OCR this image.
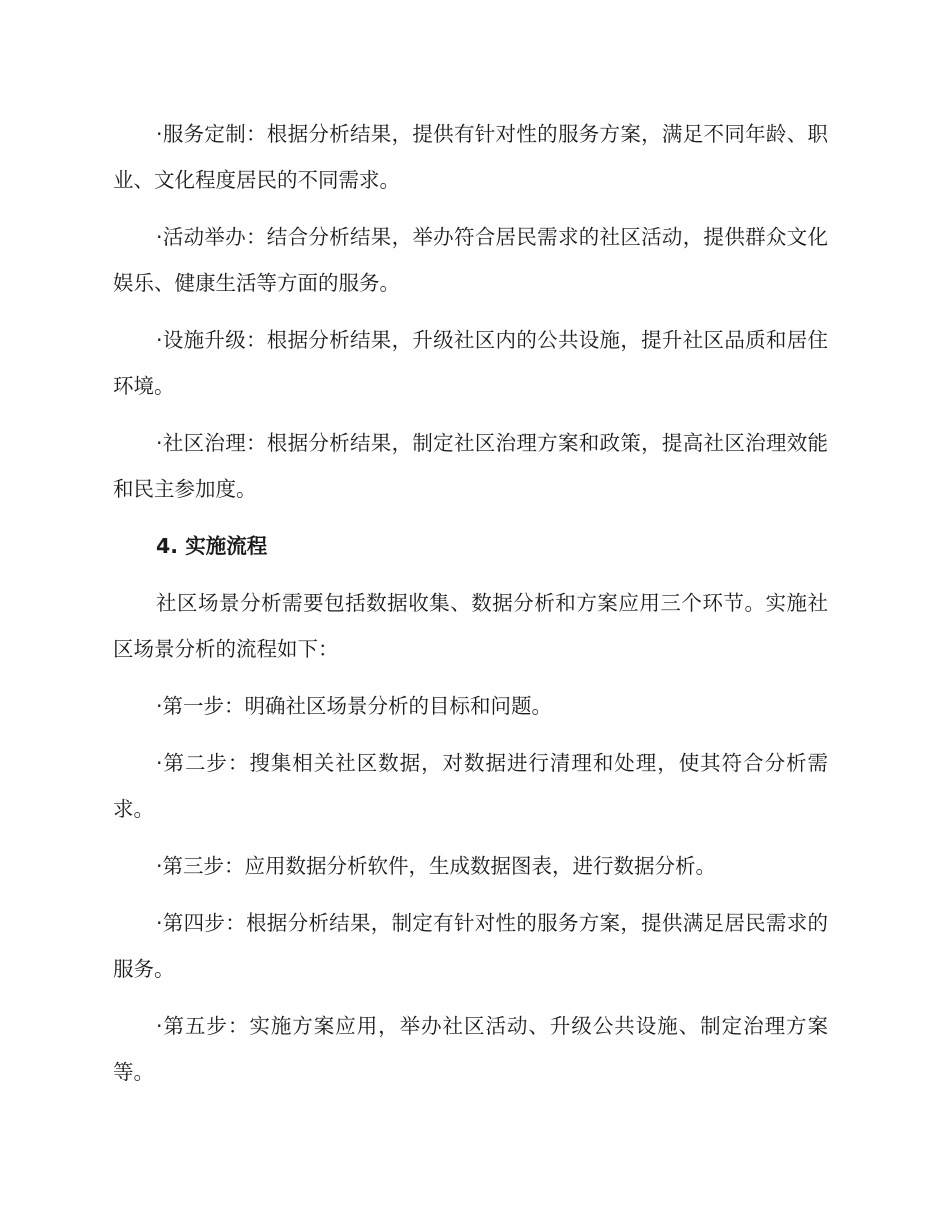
·服务定制：根据分析结果，提供有针对性的服务方案，满足不同年龄、职业、文化程度居民的不同需求。

·活动举办：结合分析结果，举办符合居民需求的社区活动，提供群众文化娱乐、健康生活等方面的服务。

·设施升级：根据分析结果，升级社区内的公共设施，提升社区品质和居住环境。

·社区治理：根据分析结果，制定社区治理方案和政策，提高社区治理效能和民主参加度。

4. 实施流程

社区场景分析需要包括数据收集、数据分析和方案应用三个环节。实施社区场景分析的流程如下：

·第一步：明确社区场景分析的目标和问题。

·第二步：搜集相关社区数据，对数据进行清理和处理，使其符合分析需求。

·第三步：应用数据分析软件，生成数据图表，进行数据分析。

·第四步：根据分析结果，制定有针对性的服务方案，提供满足居民需求的服务。

·第五步：实施方案应用，举办社区活动、升级公共设施、制定治理方案等。
